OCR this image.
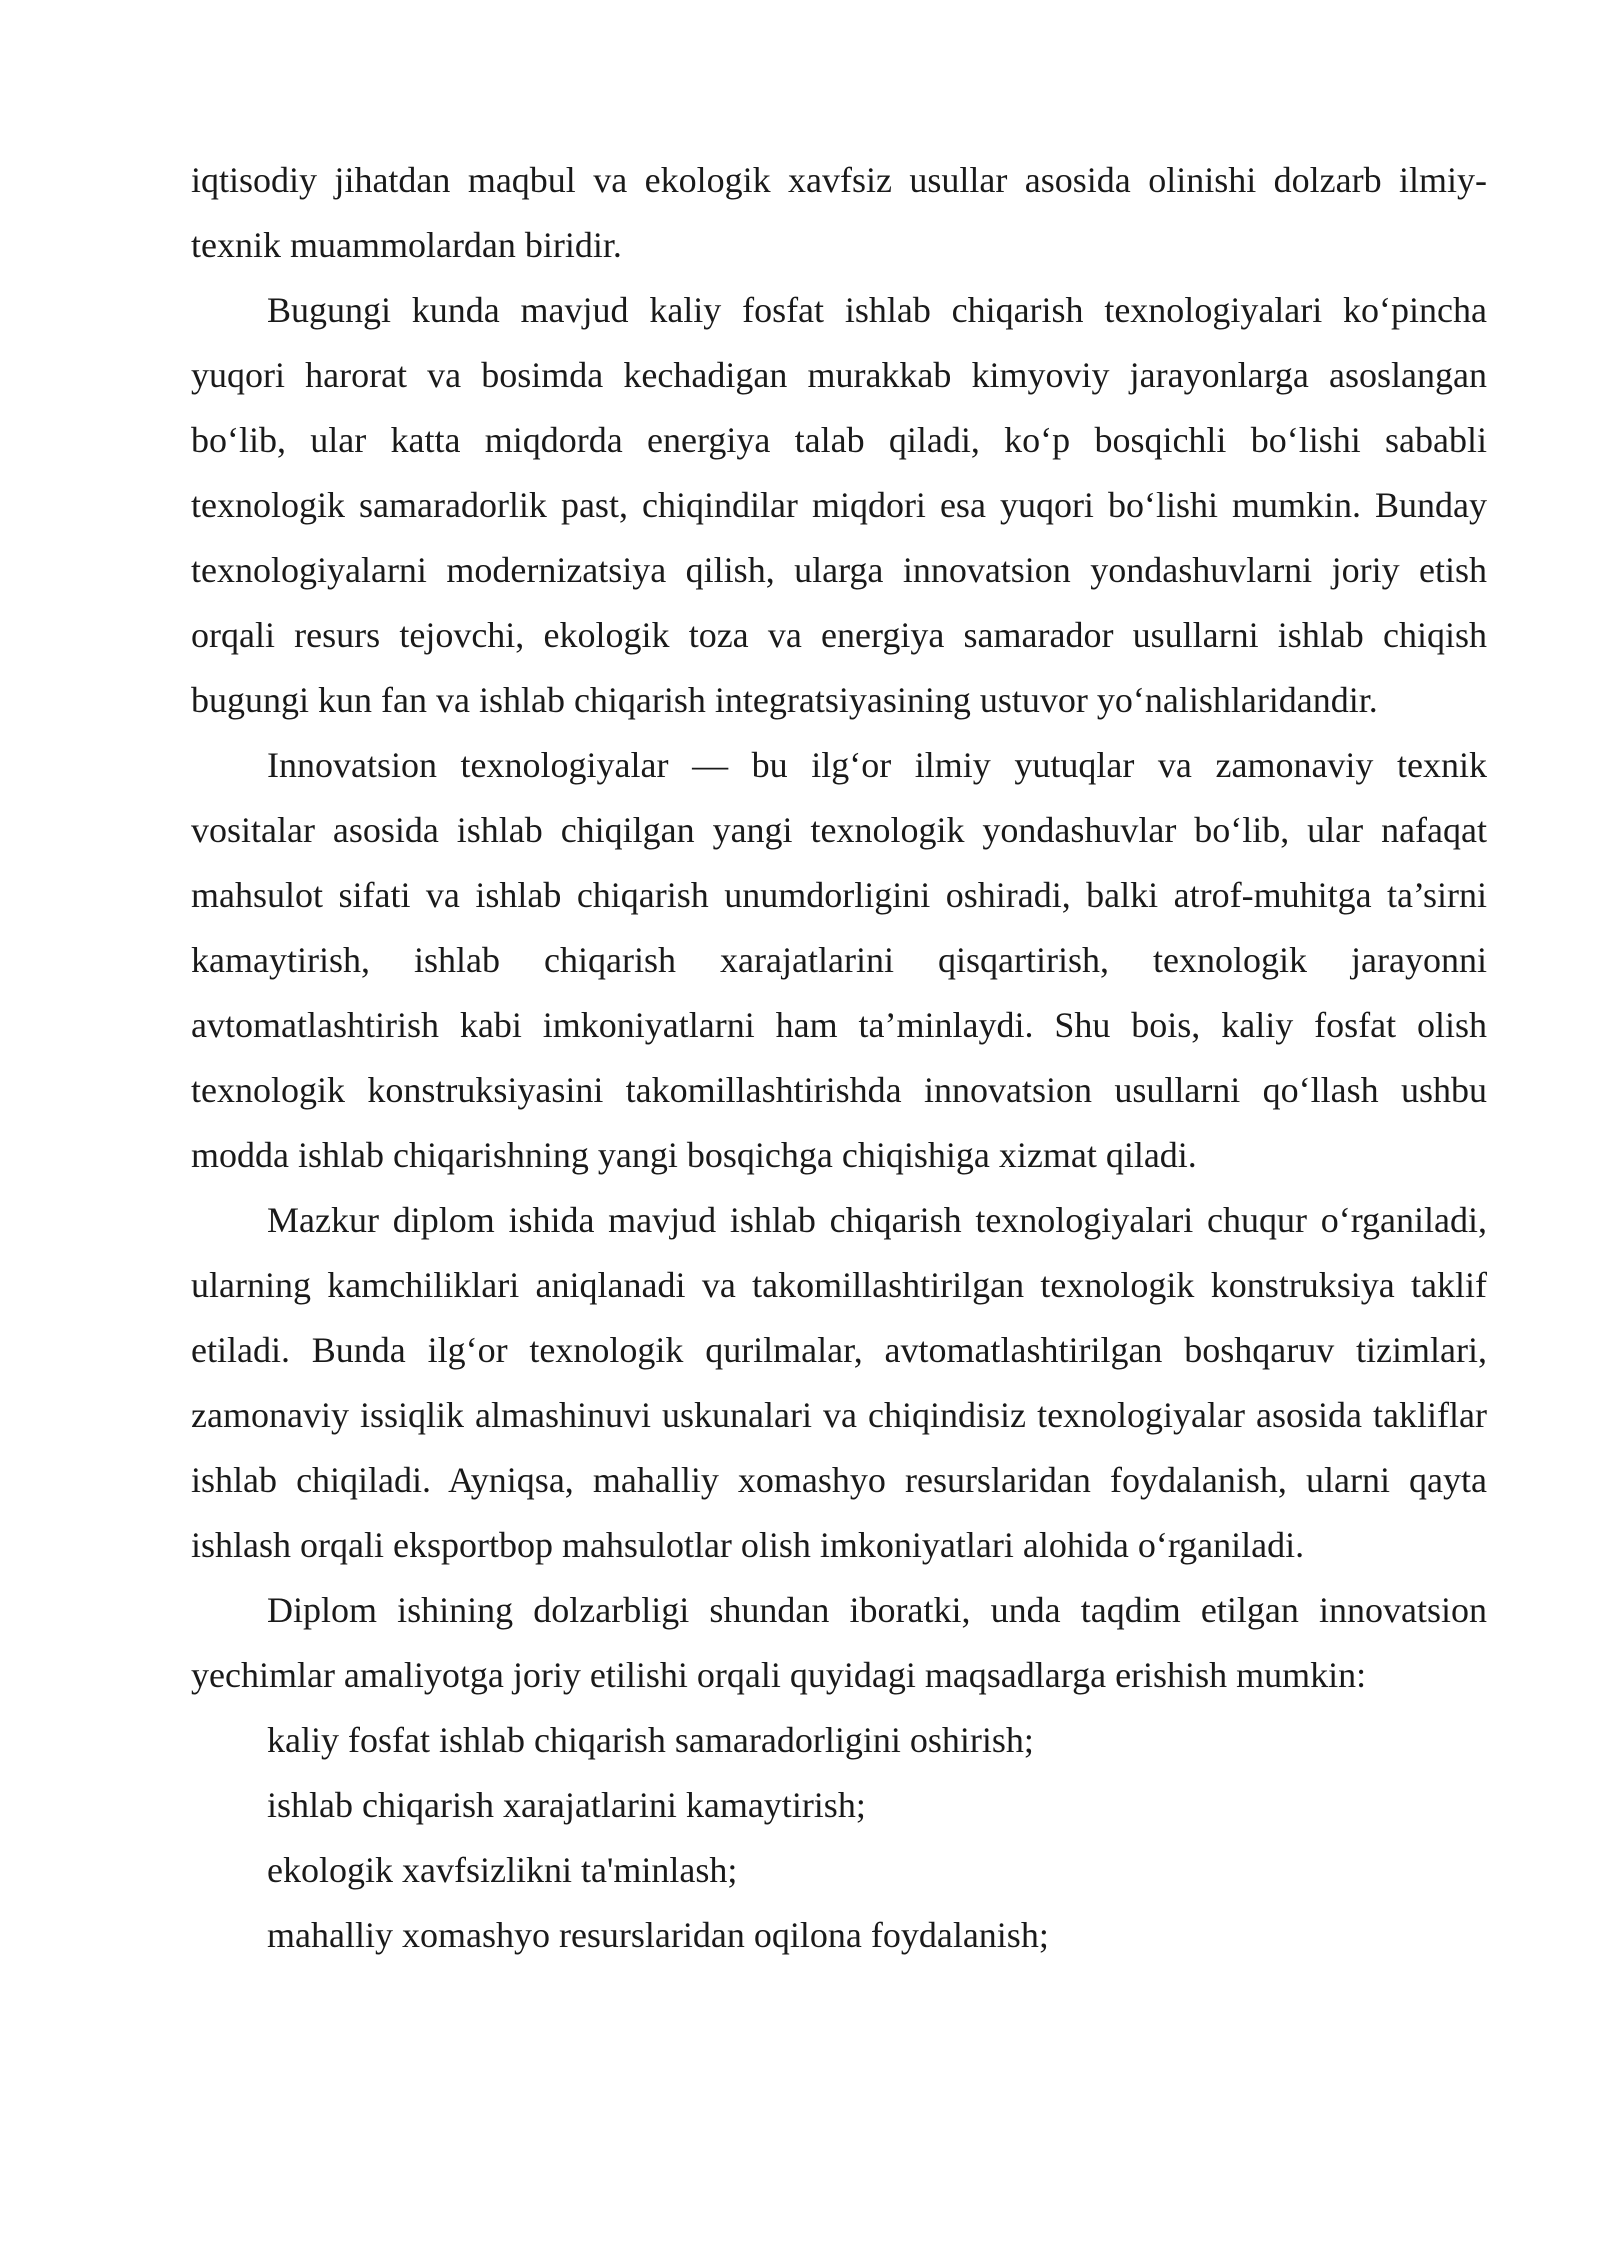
iqtisodiy jihatdan maqbul va ekologik xavfsiz usullar asosida olinishi dolzarb ilmiy-texnik muammolardan biridir.

Bugungi kunda mavjud kaliy fosfat ishlab chiqarish texnologiyalari ko‘pincha yuqori harorat va bosimda kechadigan murakkab kimyoviy jarayonlarga asoslangan bo‘lib, ular katta miqdorda energiya talab qiladi, ko‘p bosqichli bo‘lishi sababli texnologik samaradorlik past, chiqindilar miqdori esa yuqori bo‘lishi mumkin. Bunday texnologiyalarni modernizatsiya qilish, ularga innovatsion yondashuvlarni joriy etish orqali resurs tejovchi, ekologik toza va energiya samarador usullarni ishlab chiqish bugungi kun fan va ishlab chiqarish integratsiyasining ustuvor yo‘nalishlaridandir.

Innovatsion texnologiyalar — bu ilg‘or ilmiy yutuqlar va zamonaviy texnik vositalar asosida ishlab chiqilgan yangi texnologik yondashuvlar bo‘lib, ular nafaqat mahsulot sifati va ishlab chiqarish unumdorligini oshiradi, balki atrof-muhitga ta’sirni kamaytirish, ishlab chiqarish xarajatlarini qisqartirish, texnologik jarayonni avtomatlashtirish kabi imkoniyatlarni ham ta’minlaydi. Shu bois, kaliy fosfat olish texnologik konstruksiyasini takomillashtirishda innovatsion usullarni qo‘llash ushbu modda ishlab chiqarishning yangi bosqichga chiqishiga xizmat qiladi.

Mazkur diplom ishida mavjud ishlab chiqarish texnologiyalari chuqur o‘rganiladi, ularning kamchiliklari aniqlanadi va takomillashtirilgan texnologik konstruksiya taklif etiladi. Bunda ilg‘or texnologik qurilmalar, avtomatlashtirilgan boshqaruv tizimlari, zamonaviy issiqlik almashinuvi uskunalari va chiqindisiz texnologiyalar asosida takliflar ishlab chiqiladi. Ayniqsa, mahalliy xomashyo resurslaridan foydalanish, ularni qayta ishlash orqali eksportbop mahsulotlar olish imkoniyatlari alohida o‘rganiladi.

Diplom ishining dolzarbligi shundan iboratki, unda taqdim etilgan innovatsion yechimlar amaliyotga joriy etilishi orqali quyidagi maqsadlarga erishish mumkin:

kaliy fosfat ishlab chiqarish samaradorligini oshirish;
ishlab chiqarish xarajatlarini kamaytirish;
ekologik xavfsizlikni ta'minlash;
mahalliy xomashyo resurslaridan oqilona foydalanish;
